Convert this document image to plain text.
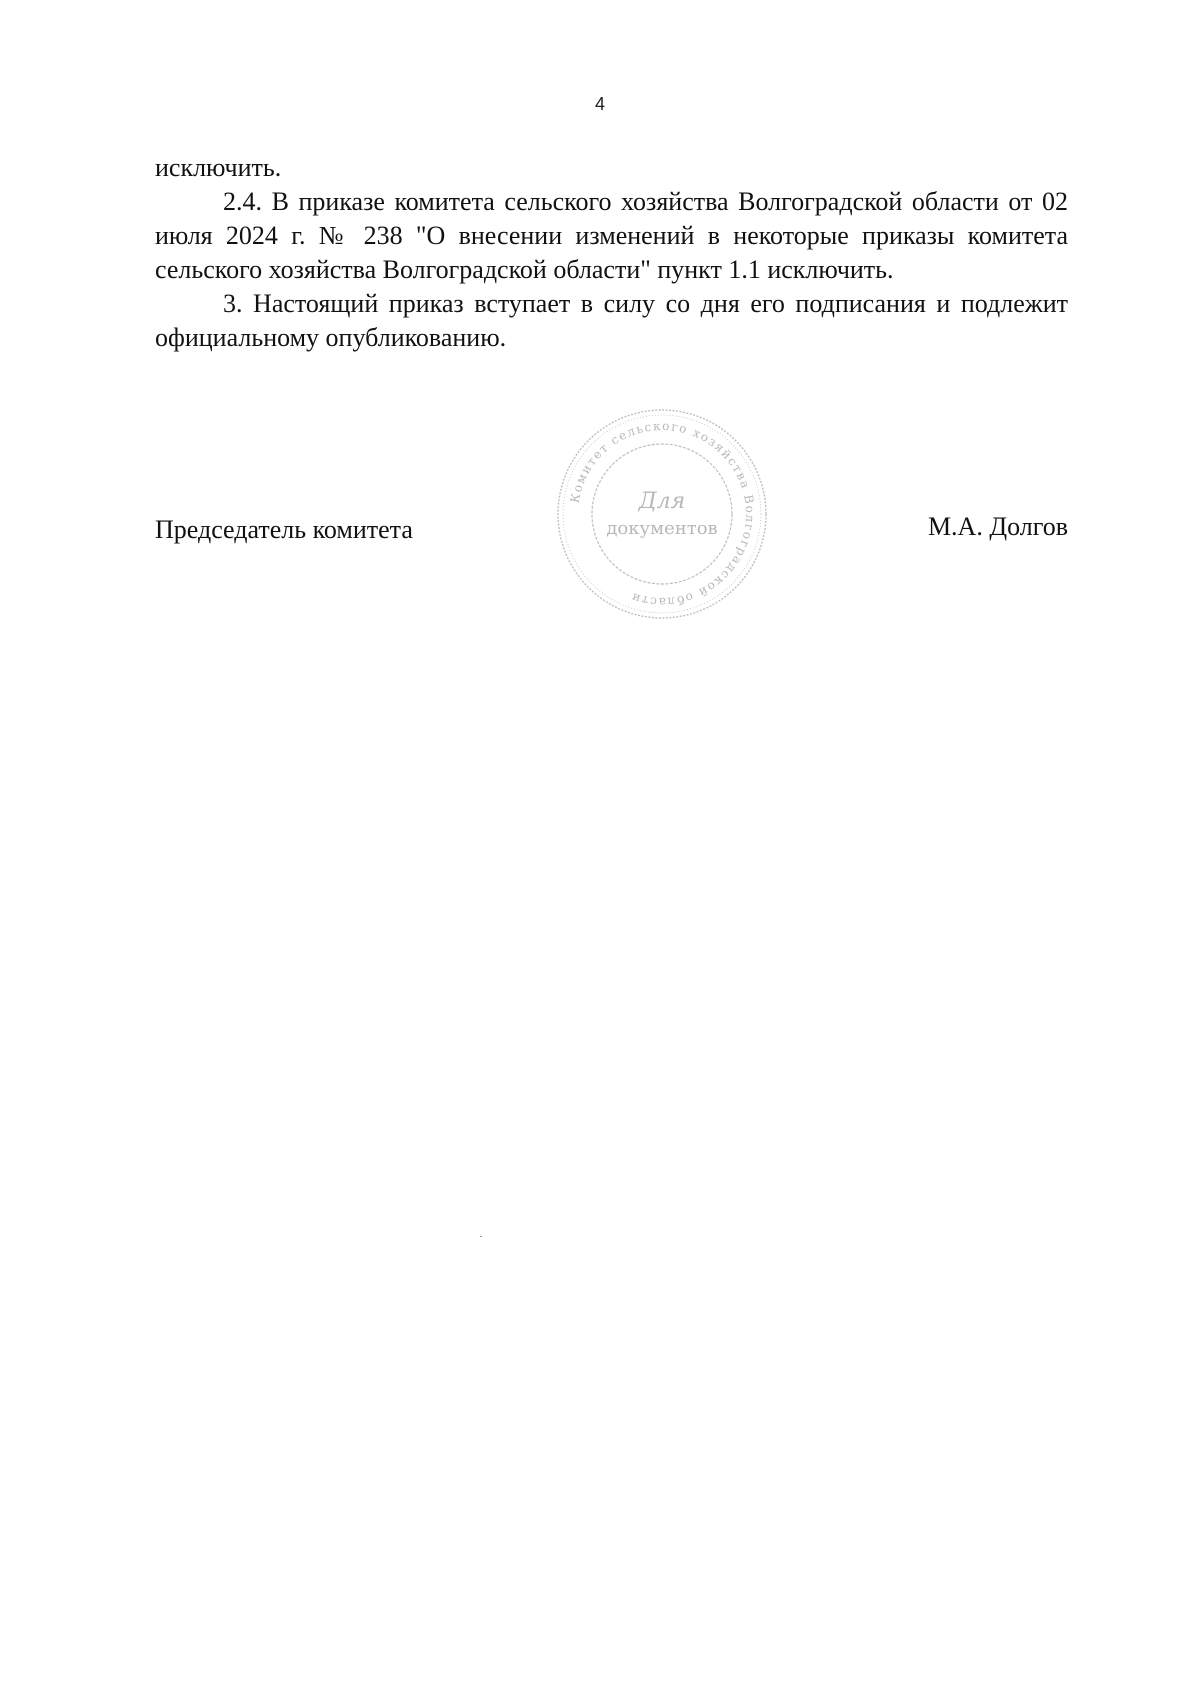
4

исключить.

2.4. В приказе комитета сельского хозяйства Волгоградской области от 02 июля 2024 г. № 238 "О внесении изменений в некоторые приказы комитета сельского хозяйства Волгоградской области" пункт 1.1 исключить.

3. Настоящий приказ вступает в силу со дня его подписания и подлежит официальному опубликованию.

Председатель комитета
Комитет сельского хозяйства Волгоградской области
Для
документов	М.А. Долгов
